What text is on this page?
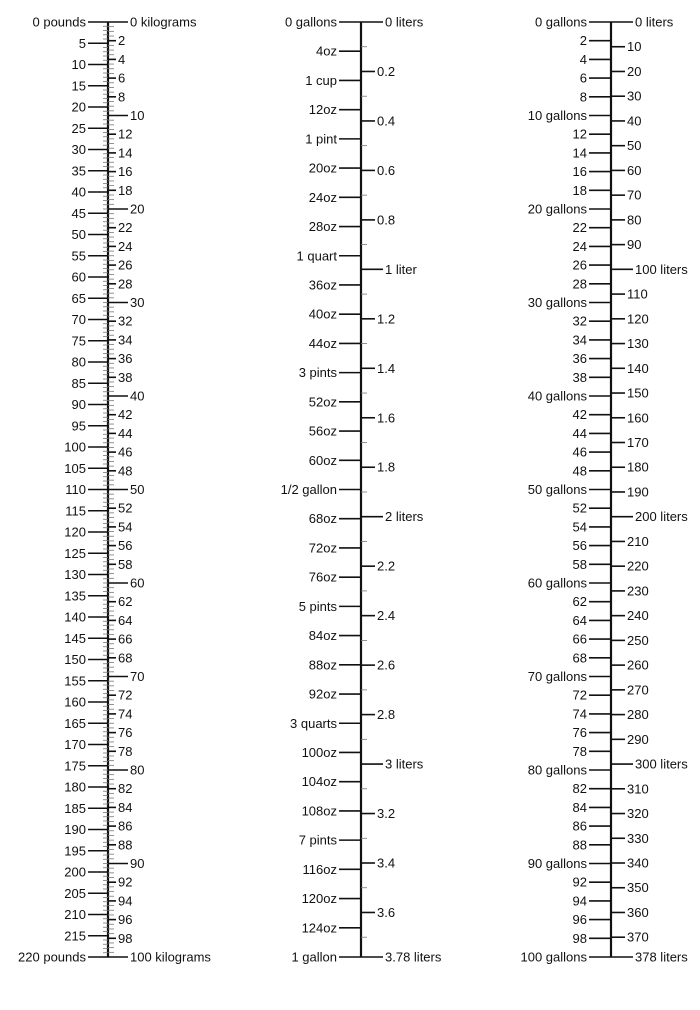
0 pounds
5
10
15
20
25
30
35
40
45
50
55
60
65
70
75
80
85
90
95
100
105
110
115
120
125
130
135
140
145
150
155
160
165
170
175
180
185
190
195
200
205
210
215
220 pounds
0 kilograms
2
4
6
8
10
12
14
16
18
20
22
24
26
28
30
32
34
36
38
40
42
44
46
48
50
52
54
56
58
60
62
64
66
68
70
72
74
76
78
80
82
84
86
88
90
92
94
96
98
100 kilograms
0 gallons
4oz
1 cup
12oz
1 pint
20oz
24oz
28oz
1 quart
36oz
40oz
44oz
3 pints
52oz
56oz
60oz
1/2 gallon
68oz
72oz
76oz
5 pints
84oz
88oz
92oz
3 quarts
100oz
104oz
108oz
7 pints
116oz
120oz
124oz
1 gallon
0 liters
0.2
0.4
0.6
0.8
1 liter
1.2
1.4
1.6
1.8
2 liters
2.2
2.4
2.6
2.8
3 liters
3.2
3.4
3.6
3.78 liters
0 gallons
2
4
6
8
10 gallons
12
14
16
18
20 gallons
22
24
26
28
30 gallons
32
34
36
38
40 gallons
42
44
46
48
50 gallons
52
54
56
58
60 gallons
62
64
66
68
70 gallons
72
74
76
78
80 gallons
82
84
86
88
90 gallons
92
94
96
98
100 gallons
0 liters
10
20
30
40
50
60
70
80
90
100 liters
110
120
130
140
150
160
170
180
190
200 liters
210
220
230
240
250
260
270
280
290
300 liters
310
320
330
340
350
360
370
378 liters
